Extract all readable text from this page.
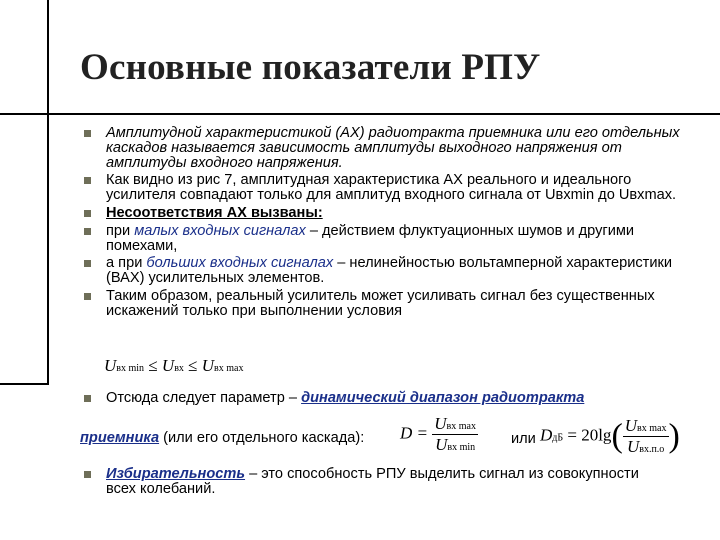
Основные показатели РПУ

Амплитудной характеристикой (АХ) радиотракта приемника или его отдельных каскадов называется зависимость амплитуды выходного напряжения от амплитуды входного напряжения.

Как видно из рис 7, амплитудная характеристика АХ реального и идеального усилителя совпадают только для амплитуд входного сигнала от Uвхmin до Uвхmax.

Несоответствия АХ вызваны:

при малых входных сигналах – действием флуктуационных шумов и другими помехами,

а при больших входных сигналах – нелинейностью вольтамперной характеристики (ВАХ) усилительных элементов.

Таким образом, реальный усилитель может усиливать сигнал без существенных искажений только при выполнении условия

Uвх min ≤ Uвх ≤ Uвх max
Отсюда следует параметр – динамический диапазон радиотракта
приемника (или его отдельного каскада): $D = \frac{\text{Uвх max}}{\text{Uвх min}}$ или DдБ = $20\lg( \frac{\text{Uвх max}}{\text{Uвх.п.о}}$ )
Избирательность – это способность РПУ выделить сигнал из совокупности всех колебаний.
